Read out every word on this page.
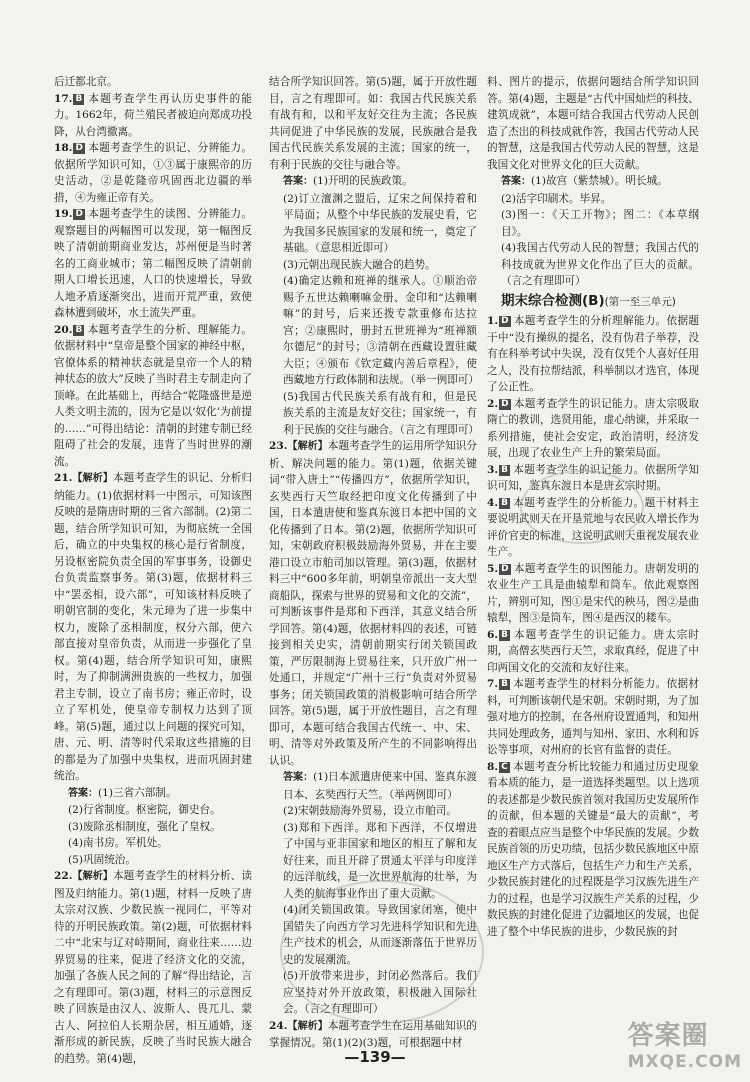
后迁都北京。

17. B 本题考查学生再认历史事件的能力。1662年，荷兰殖民者被迫向郑成功投降，从台湾撤离。

18. D 本题考查学生的识记、分辨能力。依据所学知识可知，①③属于康熙帝的历史活动，②是乾隆帝巩固西北边疆的举措，④为雍正帝有关。

19. D 本题考查学生的读图、分辨能力。观察题目的两幅图可以发现，第一幅图反映了清朝前期商业发达，苏州便是当时著名的工商业城市；第二幅图反映了清朝前期人口增长迅速，人口的快速增长，导致人地矛盾逐渐突出，进而开荒严重，致使森林遭到破坏，水土流失严重。

20. B 本题考查学生的分析、理解能力。依据材料中“皇帝是整个国家的神经中枢，官僚体系的精神状态就是皇帝一个人的精神状态的放大”反映了当时君主专制走向了顶峰。在此基础上，再结合“乾隆盛世是逆人类文明主流的，因为它是以‘奴化’为前提的……”可得出结论：清朝的封建专制已经阻碍了社会的发展，违背了当时世界的潮流。

21.【解析】本题考查学生的识记、分析归纳能力。(1)依据材料一中图示，可知该图反映的是隋唐时期的三省六部制。(2)第二题，结合所学知识可知，为彻底统一全国后，确立的中央集权的核心是行省制度，另设枢密院负责全国的军事事务，设御史台负责监察事务。第(3)题，依据材料三中“罢丞相，设六部”，可知该材料反映了明朝官制的变化，朱元璋为了进一步集中权力，废除了丞相制度，权分六部，使六部直接对皇帝负责，从而进一步强化了皇权。第(4)题，结合所学知识可知，康熙时，为了抑制满洲贵族的一些权力，加强君主专制，设立了南书房；雍正帝时，设立了军机处，使皇帝专制权力达到了顶峰。第(5)题，通过以上问题的探究可知，唐、元、明、清等时代采取这些措施的目的都是为了加强中央集权，进而巩固封建统治。

答案：(1)三省六部制。

(2)行省制度。枢密院，御史台。

(3)废除丞相制度，强化了皇权。

(4)南书房。军机处。

(5)巩固统治。

22.【解析】本题考查学生的材料分析、读图及归纳能力。第(1)题，材料一反映了唐太宗对汉族、少数民族一视同仁，平等对待的开明民族政策。第(2)题，可依据材料二中“北宋与辽对峙期间，商业往来……边界贸易的往来，促进了经济文化的交流，加强了各族人民之间的了解”得出结论，言之有理即可。第(3)题，材料三的示意图反映了回族是由汉人、波斯人、畏兀儿、蒙古人、阿拉伯人长期杂居，相互通婚，逐渐形成的新民族，反映了当时民族大融合的趋势。第(4)题，

结合所学知识回答。第(5)题，属于开放性题目，言之有理即可。如：我国古代民族关系有战有和，以和平友好交往为主流；各民族共同促进了中华民族的发展，民族融合是我国古代民族关系发展的主流；国家的统一，有利于民族的交往与融合等。

答案：(1)开明的民族政策。

(2)订立澶渊之盟后，辽宋之间保持着和平局面；从整个中华民族的发展史看，它为我国多民族国家的发展和统一，奠定了基础。（意思相近即可）

(3)元朝出现民族大融合的趋势。

(4)确定达赖和班禅的继承人。①顺治帝赐予五世达赖喇嘛金册、金印和“达赖喇嘛”的封号，后来还拨专款重修布达拉宫；②康熙时，册封五世班禅为“班禅额尔德尼”的封号；③清朝在西藏设置驻藏大臣；④颁布《钦定藏内善后章程》，使西藏地方行政体制和法规。（举一例即可）

(5)我国古代民族关系有战有和，但是民族关系的主流是友好交往；国家统一，有利于民族的交往与融合。（言之有理即可）

23.【解析】本题考查学生的运用所学知识分析、解决问题的能力。第(1)题，依据关键词“带入唐土”“传播四方”，依据所学知识，玄奘西行天竺取经把印度文化传播到了中国，日本遣唐使和鉴真东渡日本把中国的文化传播到了日本。第(2)题，依据所学知识可知，宋朝政府积极鼓励海外贸易，并在主要港口设立市舶司加以管理。第(3)题，依据材料三中“600多年前，明朝皇帝派出一支大型商船队，探索与世界的贸易和文化的交流”，可判断该事件是郑和下西洋，其意义结合所学回答。第(4)题，依据材料四的表述，可链接到相关史实，清朝前期实行闭关锁国政策，严厉限制海上贸易往来，只开放广州一处通口，并规定“广州十三行”负责对外贸易事务；闭关锁国政策的消极影响可结合所学回答。第(5)题，属于开放性题目，言之有理即可，本题可结合我国古代统一、中、宋、明、清等对外政策及所产生的不同影响得出认识。

答案：(1)日本派遣唐使来中国、鉴真东渡日本、玄奘西行天竺。（举两例即可）

(2)宋朝鼓励海外贸易，设立市舶司。

(3)郑和下西洋。郑和下西洋，不仅增进了中国与亚非国家和地区的相互了解和友好往来，而且开辟了贯通太平洋与印度洋的远洋航线，是一次世界航海的壮举，为人类的航海事业作出了重大贡献。

(4)闭关锁国政策。导致国家闭塞，使中国错失了向西方学习先进科学知识和先进生产技术的机会，从而逐渐落伍于世界历史的发展潮流。

(5)开放带来进步，封闭必然落后。我们应坚持对外开放政策，积极融入国际社会。（言之有理即可）

24.【解析】本题考查学生在运用基础知识的掌握情况。第(1)(2)(3)题，可根据题中材

料、图片的提示，依据问题结合所学知识回答。第(4)题，主题是“古代中国灿烂的科技、建筑成就”，本题可结合我国古代劳动人民创造了杰出的科技成就作答，我国古代劳动人民的智慧，这是我国古代劳动人民的智慧，这是我国文化对世界文化的巨大贡献。

答案：(1)故宫（紫禁城）。明长城。

(2)活字印刷术。毕昇。

(3)图一：《天工开物》；图二：《本草纲目》。

(4)我国古代劳动人民的智慧；我国古代的科技成就为世界文化作出了巨大的贡献。（言之有理即可）

期末综合检测(B)(第一至三单元)

1. D 本题考查学生的分析理解能力。依据题干中“没有操纵的提名，没有伪君子举荐，没有在科举考试中失误，没有仅凭个人喜好任用之人，没有拉帮结派，科举制以才选官，体现了公正性。

2. D 本题考查学生的识记能力。唐太宗吸取隋亡的教训，选贤用能，虚心纳谏，并采取一系列措施，使社会安定，政治清明，经济发展，出现了农业生产上升的繁荣局面。

3. B 本题考查学生的识记能力。依据所学知识可知，鉴真东渡日本是唐玄宗时期。

4. B 本题考查学生的分析能力。题干材料主要说明武则天在开垦荒地与农民收入增长作为评价官吏的标准，这说明武则天重视发展农业生产。

5. D 本题考查学生的识图能力。唐朝发明的农业生产工具是曲辕犁和筒车。依此观察图片，辨别可知，图①是宋代的秧马，图②是曲辕犁，图③是筒车，图④是西汉的耧车。

6. B 本题考查学生的识记能力。唐太宗时期，高僧玄奘西行天竺，求取真经，促进了中印两国文化的交流和友好往来。

7. B 本题考查学生的材料分析能力。依据材料，可判断该朝代是宋朝。宋朝时期，为了加强对地方的控制，在各州府设置通判，和知州共同处理政务，通判与知州、家田、水利和诉讼等事项，对州府的长官有监督的责任。

8. C 本题考查分析比较能力和通过历史现象看本质的能力，是一道选择类题型。以上选项的表述都是少数民族首领对我国历史发展所作的贡献，但本题的关键是“最大的贡献”，考查的着眼点应当是整个中华民族的发展。少数民族首领的历史功绩，包括少数民族地区中原地区生产方式落后，包括生产力和生产关系，少数民族封建化的过程既是学习汉族先进生产力的过程，也是学习汉族生产关系的过程，少数民族的封建化促进了边疆地区的发展，也促进了整个中华民族的进步，少数民族的封

—139—
答案圈
MXQE.COM
